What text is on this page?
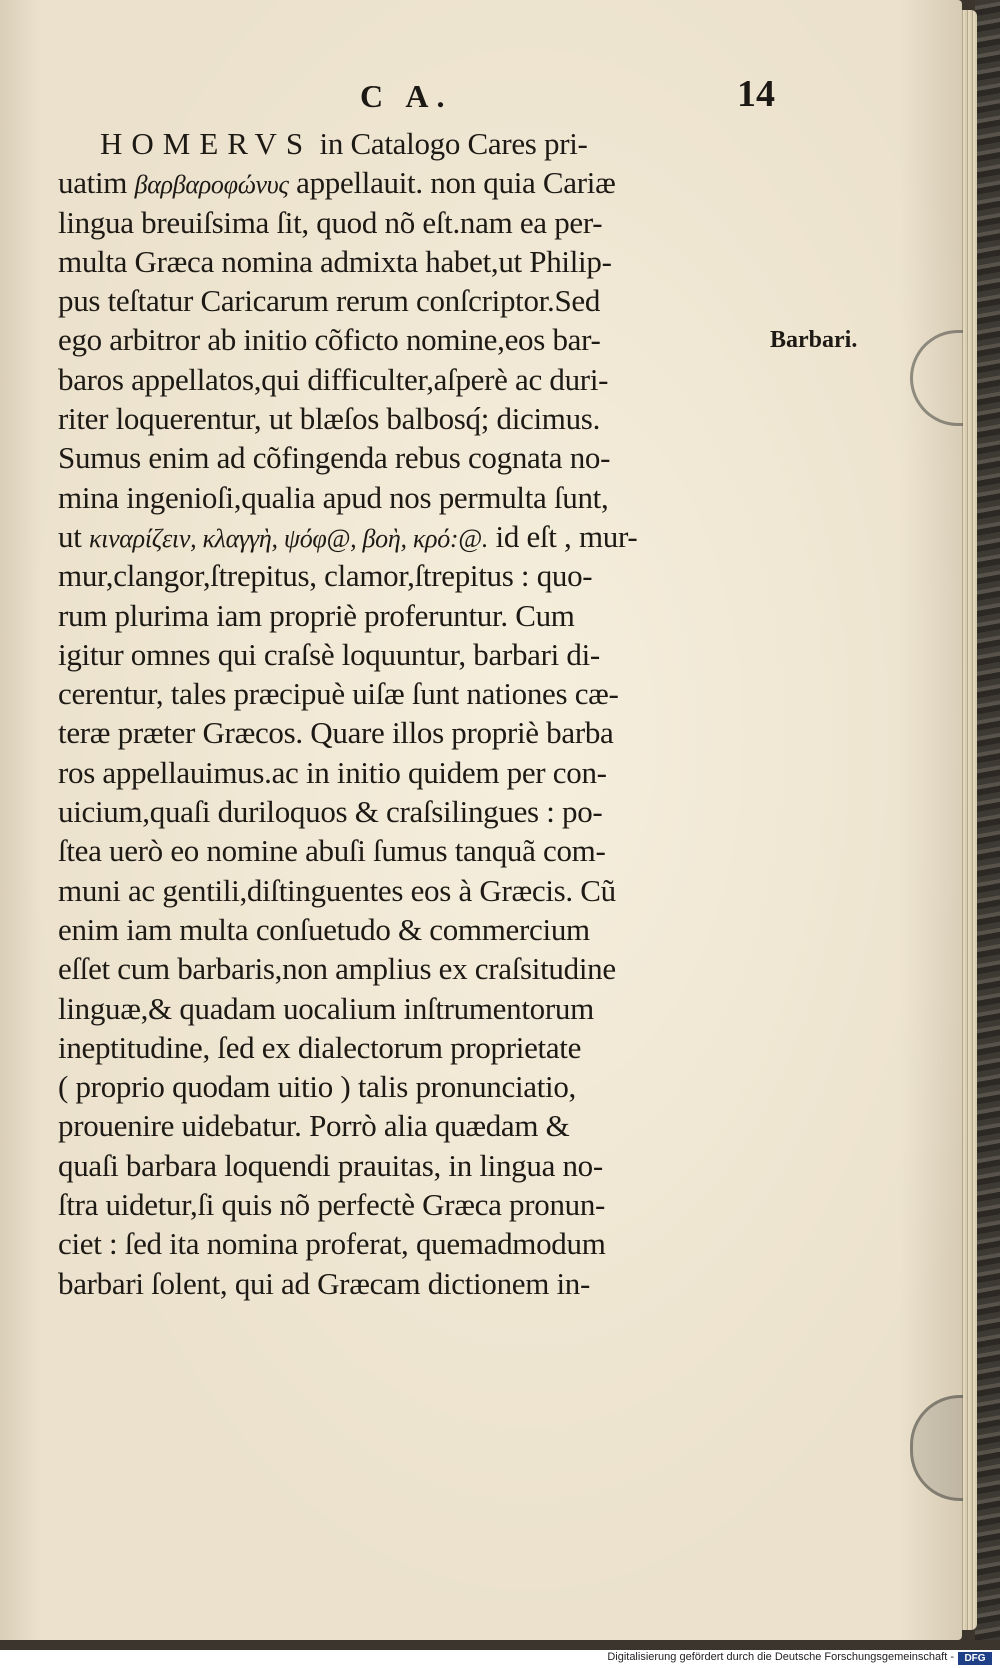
C A.	14
HOMERVS in Catalogo Cares pri-
uatim βαρβαροφώνυς appellauit. non quia Cariæ
lingua breuiſsima ſit, quod nõ eſt.nam ea per-
multa Græca nomina admixta habet,ut Philip-
pus teſtatur Caricarum rerum conſcriptor.Sed
ego arbitror ab initio cõfictо nomine,eos bar-
baros appellatos,qui difficulter,aſperè ac duri-
riter loquerentur, ut blæſos balbosq́; dicimus.
Sumus enim ad cõfingenda rebus cognata no-
mina ingenioſi,qualia apud nos permulta ſunt,
ut κιναρίζειν, κλαγγὴ, ψόφ@, βοὴ, κρό:@. id eſt , mur-
mur,clangor,ſtrepitus, clamor,ſtrepitus : quo-
rum plurima iam propriè proferuntur. Cum
igitur omnes qui craſsè loquuntur, barbari di-
cerentur, tales præcipuè uiſæ ſunt nationes cæ-
teræ præter Græcos. Quare illos propriè barba
ros appellauimus.ac in initio quidem per con-
uicium,quaſi duriloquos & craſsilingues : po-
ſtea uerò eo nomine abuſi ſumus tanquã com-
muni ac gentili,diſtinguentes eos à Græcis. Cũ
enim iam multa conſuetudo & commercium
eſſet cum barbaris,non amplius ex craſsitudine
linguæ,& quadam uocalium inſtrumentorum
ineptitudine, ſed ex dialectorum proprietate
( proprio quodam uitio ) talis pronunciatio,
prouenire uidebatur. Porrò alia quædam &
quaſi barbara loquendi prauitas, in lingua no-
ſtra uidetur,ſi quis nõ perfectè Græca pronun-
ciet : ſed ita nomina proferat, quemadmodum
barbari ſolent, qui ad Græcam dictionem in-
Barbari.
Digitalisierung gefördert durch die Deutsche Forschungsgemeinschaft -	DFG
